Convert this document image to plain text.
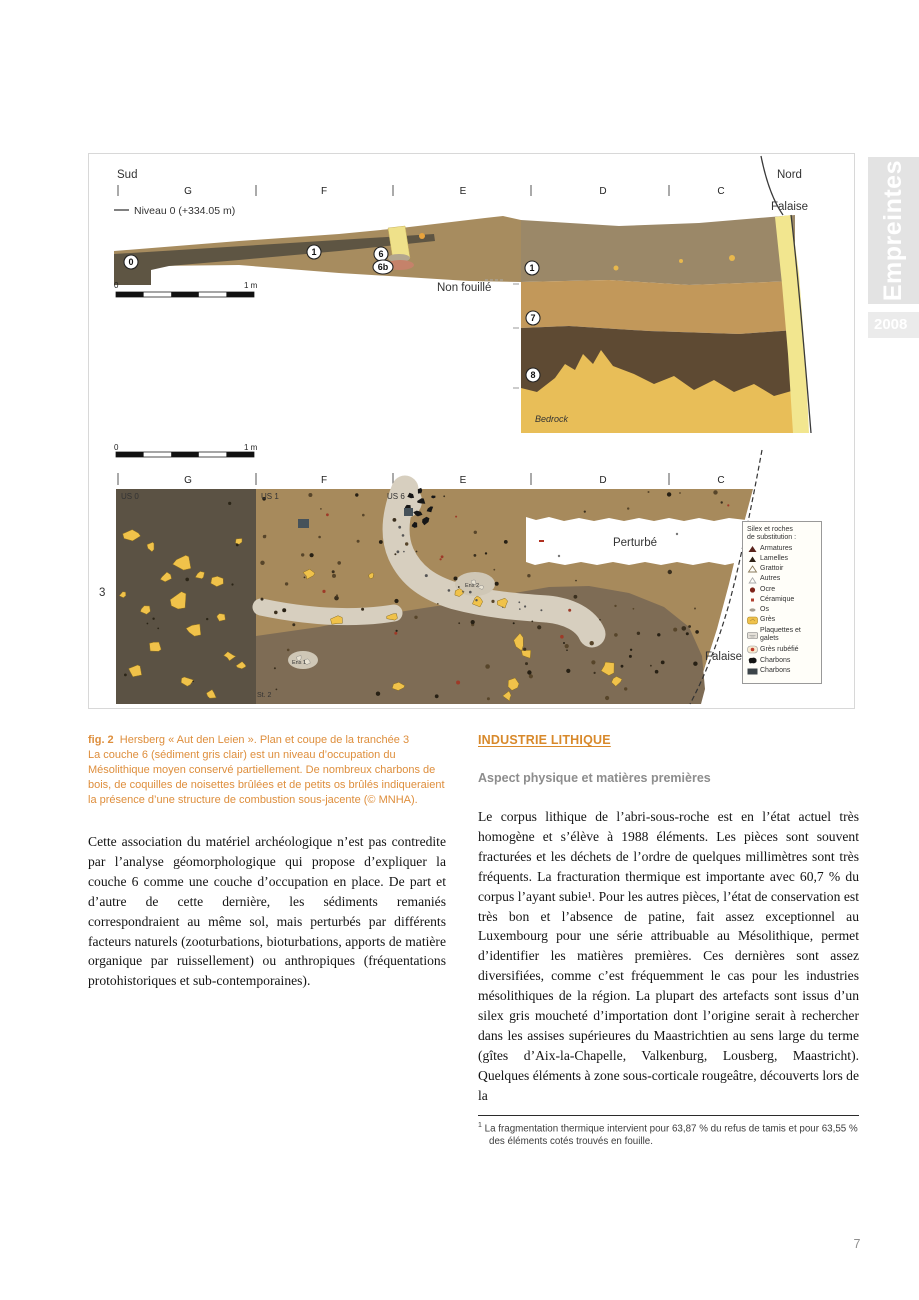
Sud	Nord
Falaise
G	F	E	D	C
Niveau 0 (+334.05 m)
0
1	6
6b	1
7
8
Non fouillé
Bedrock
0	1 m
0	1 m
G	F	E	D	C
3
Perturbé
US 0	US 1	US 6
Ens 1
Ens 2
St. 2
Falaise
Silex et roches
de substitution :
Armatures
Lamelles
Grattoir
Autres
Ocre
Céramique
Os
Grès
Plaquettes et galets
Grès rubéfié
Charbons
Charbons
fig. 2 Hersberg « Aut den Leien ». Plan et coupe de la tranchée 3
La couche 6 (sédiment gris clair) est un niveau d’occupation du Mésolithique moyen conservé partiellement. De nombreux charbons de bois, de coquilles de noisettes brûlées et de petits os brûlés indiqueraient la présence d’une structure de combustion sous-jacente (© MNHA).
Cette association du matériel archéologique n’est pas contredite par l’analyse géomorphologique qui propose d’expliquer la couche 6 comme une couche d’occupation en place. De part et d’autre de cette dernière, les sédiments remaniés correspondraient au même sol, mais perturbés par différents facteurs naturels (zooturbations, bioturbations, apports de matière organique par ruissellement) ou anthropiques (fréquentations protohistoriques et sub-contemporaines).
INDUSTRIE LITHIQUE
Aspect physique et matières premières
Le corpus lithique de l’abri-sous-roche est en l’état actuel très homogène et s’élève à 1988 éléments. Les pièces sont souvent fracturées et les déchets de l’ordre de quelques millimètres sont très fréquents. La fracturation thermique est importante avec 60,7 % du corpus l’ayant subie¹. Pour les autres pièces, l’état de conservation est très bon et l’absence de patine, fait assez exceptionnel au Luxembourg pour une série attribuable au Mésolithique, permet d’identifier les matières premières. Ces dernières sont assez diversifiées, comme c’est fréquemment le cas pour les industries mésolithiques de la région. La plupart des artefacts sont issus d’un silex gris moucheté d’importation dont l’origine serait à rechercher dans les assises supérieures du Maastrichtien au sens large du terme (gîtes d’Aix-la-Chapelle, Valkenburg, Lousberg, Maastricht). Quelques éléments à zone sous-corticale rougeâtre, découverts lors de la
$^1$ La fragmentation thermique intervient pour 63,87 % du refus de tamis et pour 63,55 % des éléments cotés trouvés en fouille.
Empreintes
2008
7
